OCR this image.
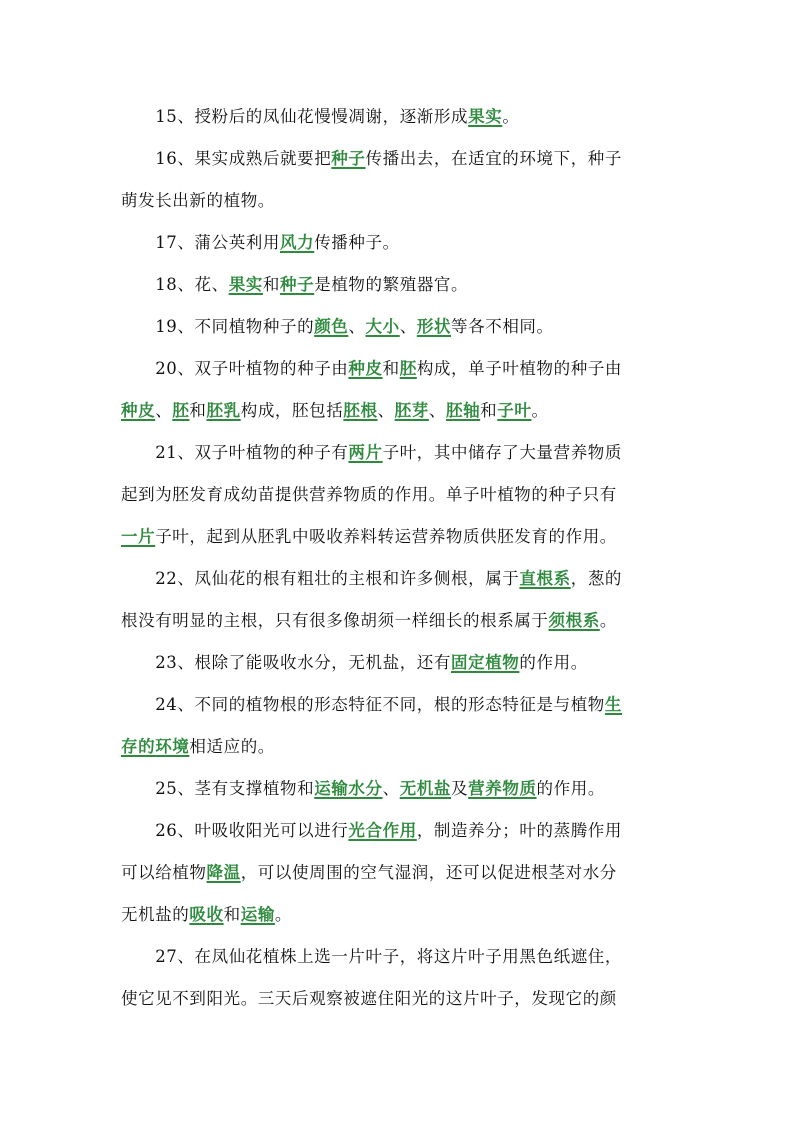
　　15、授粉后的凤仙花慢慢凋谢，逐渐形成果实。
　　16、果实成熟后就要把种子传播出去，在适宜的环境下，种子
萌发长出新的植物。
　　17、蒲公英利用风力传播种子。
　　18、花、果实和种子是植物的繁殖器官。
　　19、不同植物种子的颜色、大小、形状等各不相同。
　　20、双子叶植物的种子由种皮和胚构成，单子叶植物的种子由
种皮、胚和胚乳构成，胚包括胚根、胚芽、胚轴和子叶。
　　21、双子叶植物的种子有两片子叶，其中储存了大量营养物质
起到为胚发育成幼苗提供营养物质的作用。单子叶植物的种子只有
一片子叶，起到从胚乳中吸收养料转运营养物质供胚发育的作用。
　　22、凤仙花的根有粗壮的主根和许多侧根，属于直根系，葱的
根没有明显的主根，只有很多像胡须一样细长的根系属于须根系。
　　23、根除了能吸收水分，无机盐，还有固定植物的作用。
　　24、不同的植物根的形态特征不同，根的形态特征是与植物生
存的环境相适应的。
　　25、茎有支撑植物和运输水分、无机盐及营养物质的作用。
　　26、叶吸收阳光可以进行光合作用，制造养分；叶的蒸腾作用
可以给植物降温，可以使周围的空气湿润，还可以促进根茎对水分
无机盐的吸收和运输。
　　27、在凤仙花植株上选一片叶子，将这片叶子用黑色纸遮住，
使它见不到阳光。三天后观察被遮住阳光的这片叶子，发现它的颜
